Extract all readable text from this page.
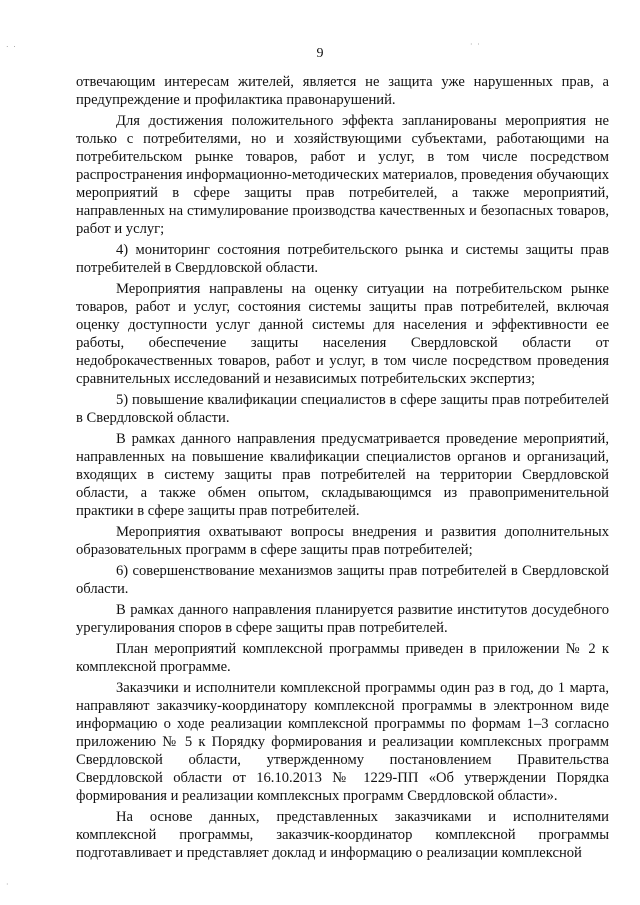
. .	· ·
·
9

отвечающим интересам жителей, является не защита уже нарушенных прав, а предупреждение и профилактика правонарушений.

Для достижения положительного эффекта запланированы мероприятия не только с потребителями, но и хозяйствующими субъектами, работающими на потребительском рынке товаров, работ и услуг, в том числе посредством распространения информационно-методических материалов, проведения обучающих мероприятий в сфере защиты прав потребителей, а также мероприятий, направленных на стимулирование производства качественных и безопасных товаров, работ и услуг;

4) мониторинг состояния потребительского рынка и системы защиты прав потребителей в Свердловской области.

Мероприятия направлены на оценку ситуации на потребительском рынке товаров, работ и услуг, состояния системы защиты прав потребителей, включая оценку доступности услуг данной системы для населения и эффективности ее работы, обеспечение защиты населения Свердловской области от недоброкачественных товаров, работ и услуг, в том числе посредством проведения сравнительных исследований и независимых потребительских экспертиз;

5) повышение квалификации специалистов в сфере защиты прав потребителей в Свердловской области.

В рамках данного направления предусматривается проведение мероприятий, направленных на повышение квалификации специалистов органов и организаций, входящих в систему защиты прав потребителей на территории Свердловской области, а также обмен опытом, складывающимся из правоприменительной практики в сфере защиты прав потребителей.

Мероприятия охватывают вопросы внедрения и развития дополнительных образовательных программ в сфере защиты прав потребителей;

6) совершенствование механизмов защиты прав потребителей в Свердловской области.

В рамках данного направления планируется развитие институтов досудебного урегулирования споров в сфере защиты прав потребителей.

План мероприятий комплексной программы приведен в приложении № 2 к комплексной программе.

Заказчики и исполнители комплексной программы один раз в год, до 1 марта, направляют заказчику-координатору комплексной программы в электронном виде информацию о ходе реализации комплексной программы по формам 1–3 согласно приложению № 5 к Порядку формирования и реализации комплексных программ Свердловской области, утвержденному постановлением Правительства Свердловской области от 16.10.2013 № 1229-ПП «Об утверждении Порядка формирования и реализации комплексных программ Свердловской области».

На основе данных, представленных заказчиками и исполнителями комплексной программы, заказчик-координатор комплексной программы подготавливает и представляет доклад и информацию о реализации комплексной
